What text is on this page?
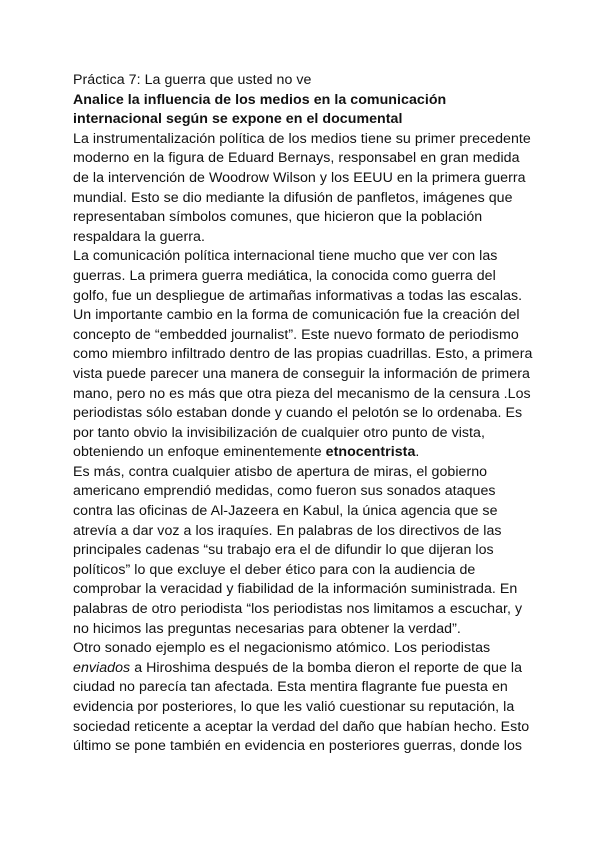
Práctica 7: La guerra que usted no ve
Analice la influencia de los medios en la comunicación
internacional según se expone en el documental
La instrumentalización política de los medios tiene su primer precedente
moderno en la figura de Eduard Bernays, responsabel en gran medida
de la intervención de Woodrow Wilson y los EEUU en la primera guerra
mundial. Esto se dio mediante la difusión de panfletos, imágenes que
representaban símbolos comunes, que hicieron que la población
respaldara la guerra.
La comunicación política internacional tiene mucho que ver con las
guerras. La primera guerra mediática, la conocida como guerra del
golfo, fue un despliegue de artimañas informativas a todas las escalas.
Un importante cambio en la forma de comunicación fue la creación del
concepto de “embedded journalist”. Este nuevo formato de periodismo
como miembro infiltrado dentro de las propias cuadrillas. Esto, a primera
vista puede parecer una manera de conseguir la información de primera
mano, pero no es más que otra pieza del mecanismo de la censura .Los
periodistas sólo estaban donde y cuando el pelotón se lo ordenaba. Es
por tanto obvio la invisibilización de cualquier otro punto de vista,
obteniendo un enfoque eminentemente etnocentrista.
Es más, contra cualquier atisbo de apertura de miras, el gobierno
americano emprendió medidas, como fueron sus sonados ataques
contra las oficinas de Al-Jazeera en Kabul, la única agencia que se
atrevía a dar voz a los iraquíes. En palabras de los directivos de las
principales cadenas “su trabajo era el de difundir lo que dijeran los
políticos” lo que excluye el deber ético para con la audiencia de
comprobar la veracidad y fiabilidad de la información suministrada. En
palabras de otro periodista “los periodistas nos limitamos a escuchar, y
no hicimos las preguntas necesarias para obtener la verdad”.
Otro sonado ejemplo es el negacionismo atómico. Los periodistas
enviados a Hiroshima después de la bomba dieron el reporte de que la
ciudad no parecía tan afectada. Esta mentira flagrante fue puesta en
evidencia por posteriores, lo que les valió cuestionar su reputación, la
sociedad reticente a aceptar la verdad del daño que habían hecho. Esto
último se pone también en evidencia en posteriores guerras, donde los
